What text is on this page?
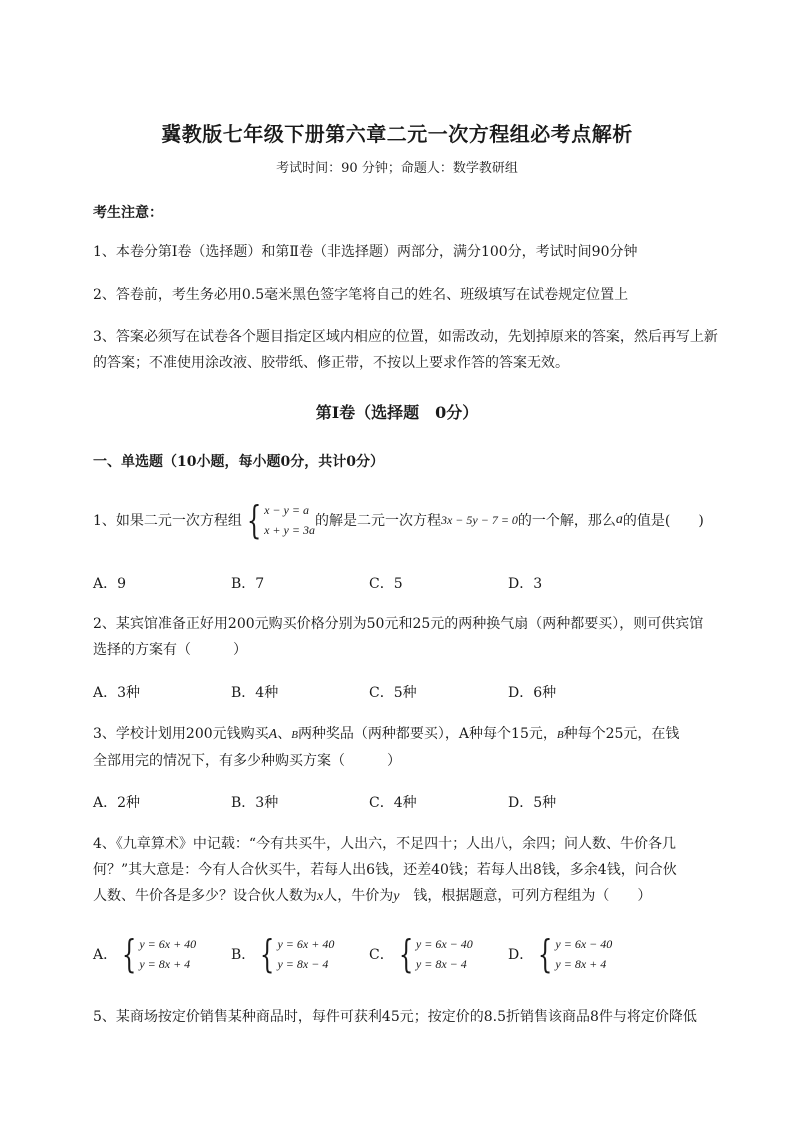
冀教版七年级下册第六章二元一次方程组必考点解析
考试时间：90 分钟；命题人：数学教研组
考生注意：
1、本卷分第Ⅰ卷（选择题）和第Ⅱ卷（非选择题）两部分，满分100分，考试时间90分钟
2、答卷前，考生务必用0.5毫米黑色签字笔将自己的姓名、班级填写在试卷规定位置上
3、答案必须写在试卷各个题目指定区域内相应的位置，如需改动，先划掉原来的答案，然后再写上新
的答案；不准使用涂改液、胶带纸、修正带，不按以上要求作答的答案无效。
第Ⅰ卷（选择题　0分）
一、单选题（10小题，每小题0分，共计0分）
1、如果二元一次方程组 { x − y = a
x + y = 3a
的解是二元一次方程 3x − 5y − 7 = 0 的一个解，那么 a 的值是(　　)
A．9	B．7	C．5	D．3
2、某宾馆准备正好用200元购买价格分别为50元和25元的两种换气扇（两种都要买），则可供宾馆
选择的方案有（　　　）
A．3种	B．4种	C．5种	D．6种
3、学校计划用200元钱购买A、B两种奖品（两种都要买），A种每个15元，B种每个25元，在钱
全部用完的情况下，有多少种购买方案（　　　）
A．2种	B．3种	C．4种	D．5种
4、《九章算术》中记载：“今有共买牛，人出六，不足四十；人出八，余四；问人数、牛价各几
何？”其大意是：今有人合伙买牛，若每人出6钱，还差40钱；若每人出8钱，多余4钱，问合伙
人数、牛价各是多少？设合伙人数为x人，牛价为y　钱，根据题意，可列方程组为（　　）
A． { y = 6x + 40
y = 8x + 4
B． { y = 6x + 40
y = 8x − 4
C． { y = 6x − 40
y = 8x − 4
D． { y = 6x − 40
y = 8x + 4
5、某商场按定价销售某种商品时，每件可获利45元；按定价的8.5折销售该商品8件与将定价降低
